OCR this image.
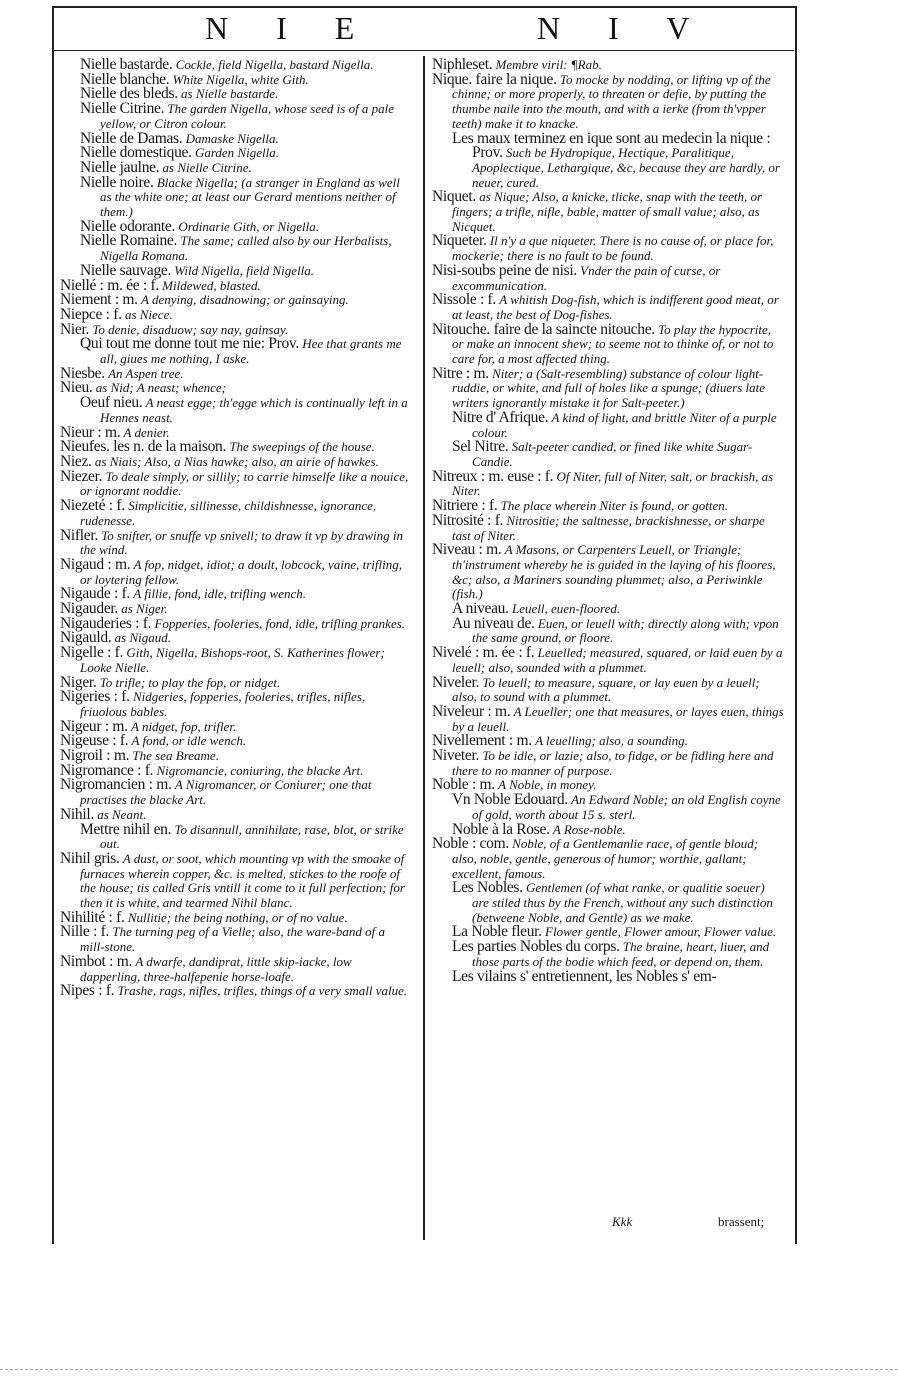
N I E	N I V

Nielle bastarde. Cockle, field Nigella, bastard Nigella.

Nielle blanche. White Nigella, white Gith.

Nielle des bleds. as Nielle bastarde.

Nielle Citrine. The garden Nigella, whose seed is of a pale yellow, or Citron colour.

Nielle de Damas. Damaske Nigella.

Nielle domestique. Garden Nigella.

Nielle jaulne. as Nielle Citrine.

Nielle noire. Blacke Nigella; (a stranger in England as well as the white one; at least our Gerard mentions neither of them.)

Nielle odorante. Ordinarie Gith, or Nigella.

Nielle Romaine. The same; called also by our Herbalists, Nigella Romana.

Nielle sauvage. Wild Nigella, field Nigella.

Niellé : m. ée : f. Mildewed, blasted.

Niement : m. A denying, disadnowing; or gainsaying.

Niepce : f. as Niece.

Nier. To denie, disaduow; say nay, gainsay.

Qui tout me donne tout me nie: Prov. Hee that grants me all, giues me nothing, I aske.

Niesbe. An Aspen tree.

Nieu. as Nid; A neast; whence;

Oeuf nieu. A neast egge; th'egge which is continually left in a Hennes neast.

Nieur : m. A denier.

Nieufes. les n. de la maison. The sweepings of the house.

Niez. as Niais; Also, a Nias hawke; also, an airie of hawkes.

Niezer. To deale simply, or sillily; to carrie himselfe like a nouice, or ignorant noddie.

Niezeté : f. Simplicitie, sillinesse, childishnesse, ignorance, rudenesse.

Nifler. To snifter, or snuffe vp snivell; to draw it vp by drawing in the wind.

Nigaud : m. A fop, nidget, idiot; a doult, lobcock, vaine, trifling, or loytering fellow.

Nigaude : f. A fillie, fond, idle, trifling wench.

Nigauder. as Niger.

Nigauderies : f. Fopperies, fooleries, fond, idle, trifling prankes.

Nigauld. as Nigaud.

Nigelle : f. Gith, Nigella, Bishops-root, S. Katherines flower; Looke Nielle.

Niger. To trifle; to play the fop, or nidget.

Nigeries : f. Nidgeries, fopperies, fooleries, trifles, nifles, friuolous bables.

Nigeur : m. A nidget, fop, trifler.

Nigeuse : f. A fond, or idle wench.

Nigroil : m. The sea Breame.

Nigromance : f. Nigromancie, coniuring, the blacke Art.

Nigromancien : m. A Nigromancer, or Coniurer; one that practises the blacke Art.

Nihil. as Neant.

Mettre nihil en. To disannull, annihilate, rase, blot, or strike out.

Nihil gris. A dust, or soot, which mounting vp with the smoake of furnaces wherein copper, &c. is melted, stickes to the roofe of the house; tis called Gris vntill it come to it full perfection; for then it is white, and tearmed Nihil blanc.

Nihilité : f. Nullitie; the being nothing, or of no value.

Nille : f. The turning peg of a Vielle; also, the ware-band of a mill-stone.

Nimbot : m. A dwarfe, dandiprat, little skip-iacke, low dapperling, three-halfepenie horse-loafe.

Nipes : f. Trashe, rags, nifles, trifles, things of a very small value.

Niphleset. Membre viril: ¶Rab.

Nique. faire la nique. To mocke by nodding, or lifting vp of the chinne; or more properly, to threaten or defie, by putting the thumbe naile into the mouth, and with a ierke (from th'vpper teeth) make it to knacke.

Les maux terminez en ique sont au medecin la nique : Prov. Such be Hydropique, Hectique, Paralitique, Apoplectique, Lethargique, &c, because they are hardly, or neuer, cured.

Niquet. as Nique; Also, a knicke, tlicke, snap with the teeth, or fingers; a trifle, nifle, bable, matter of small value; also, as Nicquet.

Niqueter. Il n'y a que niqueter. There is no cause of, or place for, mockerie; there is no fault to be found.

Nisi-soubs peine de nisi. Vnder the pain of curse, or excommunication.

Nissole : f. A whitish Dog-fish, which is indifferent good meat, or at least, the best of Dog-fishes.

Nitouche. faire de la saincte nitouche. To play the hypocrite, or make an innocent shew; to seeme not to thinke of, or not to care for, a most affected thing.

Nitre : m. Niter; a (Salt-resembling) substance of colour light-ruddie, or white, and full of holes like a spunge; (diuers late writers ignorantly mistake it for Salt-peeter.)

Nitre d' Afrique. A kind of light, and brittle Niter of a purple colour.

Sel Nitre. Salt-peeter candied, or fined like white Sugar-Candie.

Nitreux : m. euse : f. Of Niter, full of Niter, salt, or brackish, as Niter.

Nitriere : f. The place wherein Niter is found, or gotten.

Nitrosité : f. Nitrositie; the saltnesse, brackishnesse, or sharpe tast of Niter.

Niveau : m. A Masons, or Carpenters Leuell, or Triangle; th'instrument whereby he is guided in the laying of his floores, &c; also, a Mariners sounding plummet; also, a Periwinkle (fish.)

A niveau. Leuell, euen-floored.

Au niveau de. Euen, or leuell with; directly along with; vpon the same ground, or floore.

Nivelé : m. ée : f. Leuelled; measured, squared, or laid euen by a leuell; also, sounded with a plummet.

Niveler. To leuell; to measure, square, or lay euen by a leuell; also, to sound with a plummet.

Niveleur : m. A Leueller; one that measures, or layes euen, things by a leuell.

Nivellement : m. A leuelling; also, a sounding.

Niveter. To be idle, or lazie; also, to fidge, or be fidling here and there to no manner of purpose.

Noble : m. A Noble, in money.

Vn Noble Edouard. An Edward Noble; an old English coyne of gold, worth about 15 s. sterl.

Noble à la Rose. A Rose-noble.

Noble : com. Noble, of a Gentlemanlie race, of gentle bloud; also, noble, gentle, generous of humor; worthie, gallant; excellent, famous.

Les Nobles. Gentlemen (of what ranke, or qualitie soeuer) are stiled thus by the French, without any such distinction (betweene Noble, and Gentle) as we make.

La Noble fleur. Flower gentle, Flower amour, Flower value.

Les parties Nobles du corps. The braine, heart, liuer, and those parts of the bodie which feed, or depend on, them.

Les vilains s' entretiennent, les Nobles s' em-

Kkk	brassent;
